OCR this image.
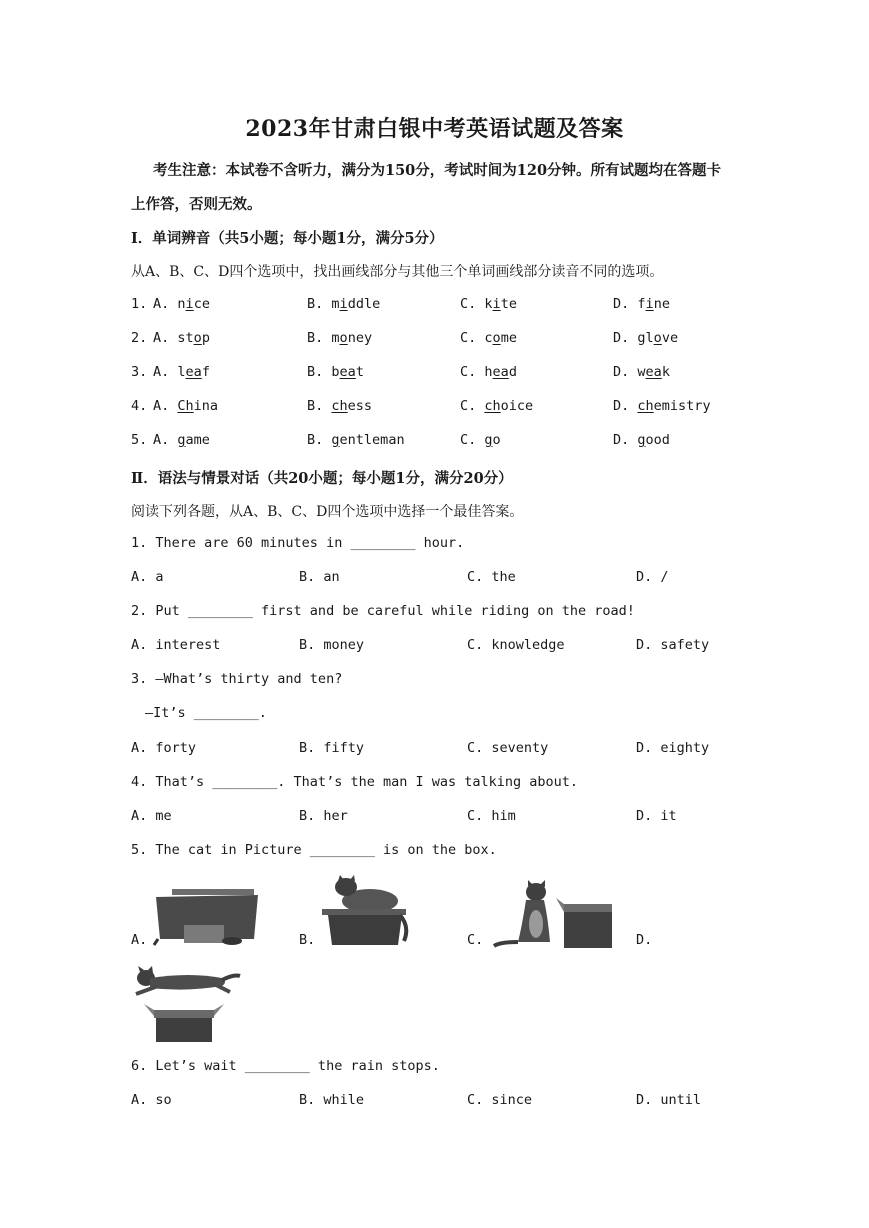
2023年甘肃白银中考英语试题及答案
考生注意：本试卷不含听力，满分为150分，考试时间为120分钟。所有试题均在答题卡
上作答，否则无效。
Ⅰ．单词辨音（共5小题；每小题1分，满分5分）
从A、B、C、D四个选项中，找出画线部分与其他三个单词画线部分读音不同的选项。
1. A. nice	B. middle	C. kite	D. fine
2. A. stop	B. money	C. come	D. glove
3. A. leaf	B. beat	C. head	D. weak
4. A. China	B. chess	C. choice	D. chemistry
5. A. game	B. gentleman	C. go	D. good
Ⅱ．语法与情景对话（共20小题；每小题1分，满分20分）
阅读下列各题，从A、B、C、D四个选项中选择一个最佳答案。
1. There are 60 minutes in ________ hour.
A. a	B. an	C. the	D. /
2. Put ________ first and be careful while riding on the road!
A. interest	B. money	C. knowledge	D. safety
3. —What’s thirty and ten?
—It’s ________.
A. forty	B. fifty	C. seventy	D. eighty
4. That’s ________. That’s the man I was talking about.
A. me	B. her	C. him	D. it
5. The cat in Picture ________ is on the box.
A.	B.	C.	D.
6. Let’s wait ________ the rain stops.
A. so	B. while	C. since	D. until
